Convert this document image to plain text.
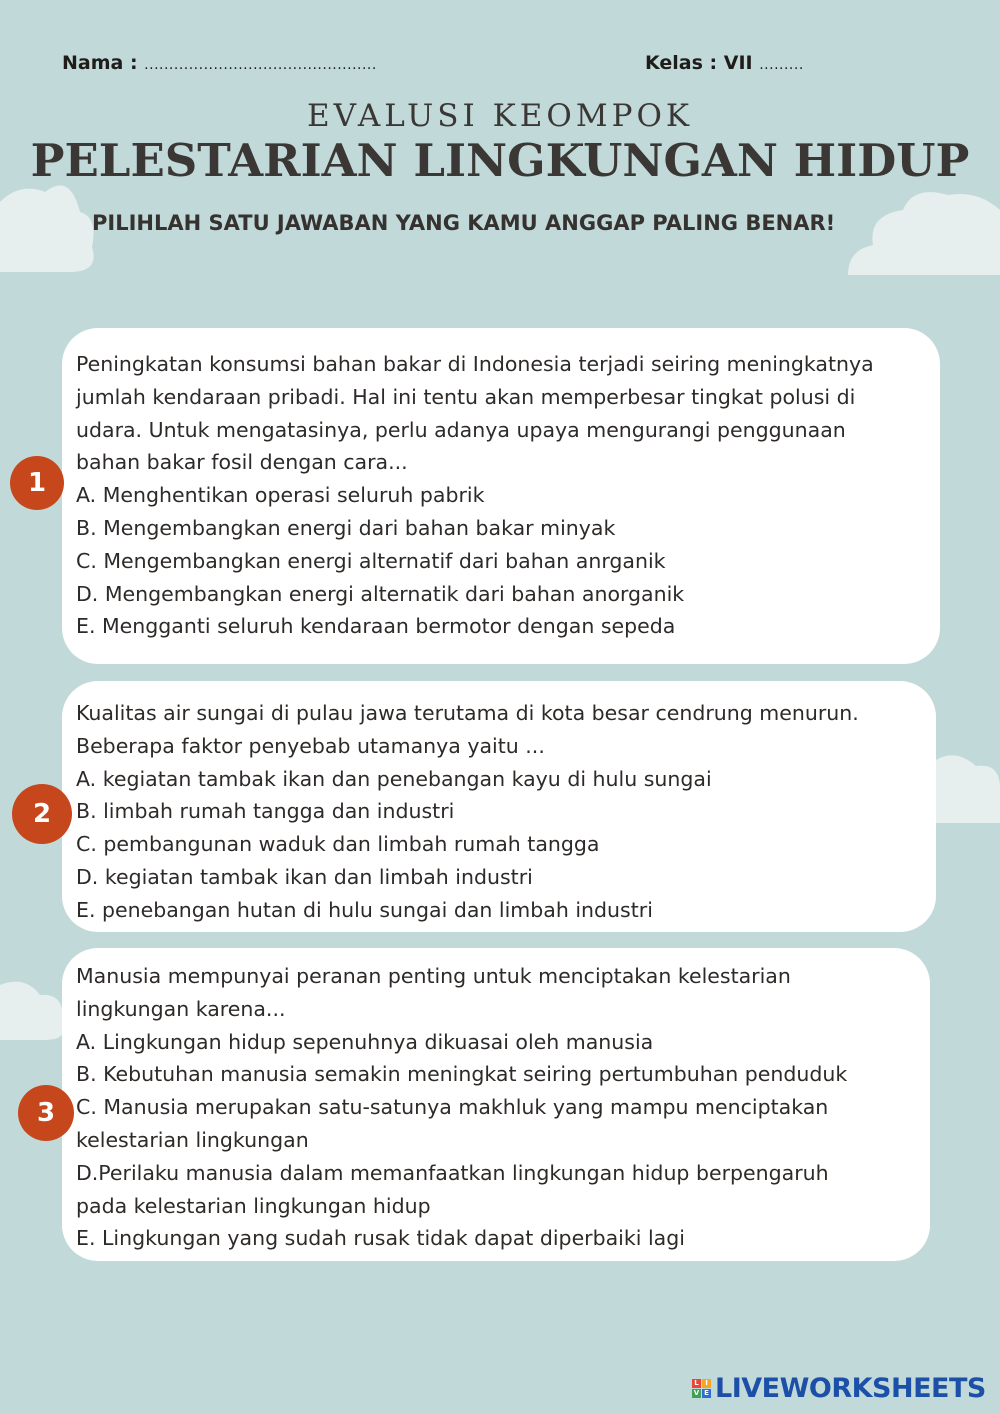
Nama : ...............................................	Kelas : VII .........
EVALUSI KEOMPOK
PELESTARIAN LINGKUNGAN HIDUP
PILIHLAH SATU JAWABAN YANG KAMU ANGGAP PALING BENAR!

Peningkatan konsumsi bahan bakar di Indonesia terjadi seiring meningkatnya

jumlah kendaraan pribadi. Hal ini tentu akan memperbesar tingkat polusi di

udara. Untuk mengatasinya, perlu adanya upaya mengurangi penggunaan

bahan bakar fosil dengan cara...

A. Menghentikan operasi seluruh pabrik

B. Mengembangkan energi dari bahan bakar minyak

C. Mengembangkan energi alternatif dari bahan anrganik

D. Mengembangkan energi alternatik dari bahan anorganik

E. Mengganti seluruh kendaraan bermotor dengan sepeda

1

Kualitas air sungai di pulau jawa terutama di kota besar cendrung menurun.

Beberapa faktor penyebab utamanya yaitu ...

A. kegiatan tambak ikan dan penebangan kayu di hulu sungai

B. limbah rumah tangga dan industri

C. pembangunan waduk dan limbah rumah tangga

D. kegiatan tambak ikan dan limbah industri

E. penebangan hutan di hulu sungai dan limbah industri

2

Manusia mempunyai peranan penting untuk menciptakan kelestarian

lingkungan karena...

A. Lingkungan hidup sepenuhnya dikuasai oleh manusia

B. Kebutuhan manusia semakin meningkat seiring pertumbuhan penduduk

C. Manusia merupakan satu-satunya makhluk yang mampu menciptakan

kelestarian lingkungan

D.Perilaku manusia dalam memanfaatkan lingkungan hidup berpengaruh

pada kelestarian lingkungan hidup

E. Lingkungan yang sudah rusak tidak dapat diperbaiki lagi

3
L I
V E LIVEWORKSHEETS
